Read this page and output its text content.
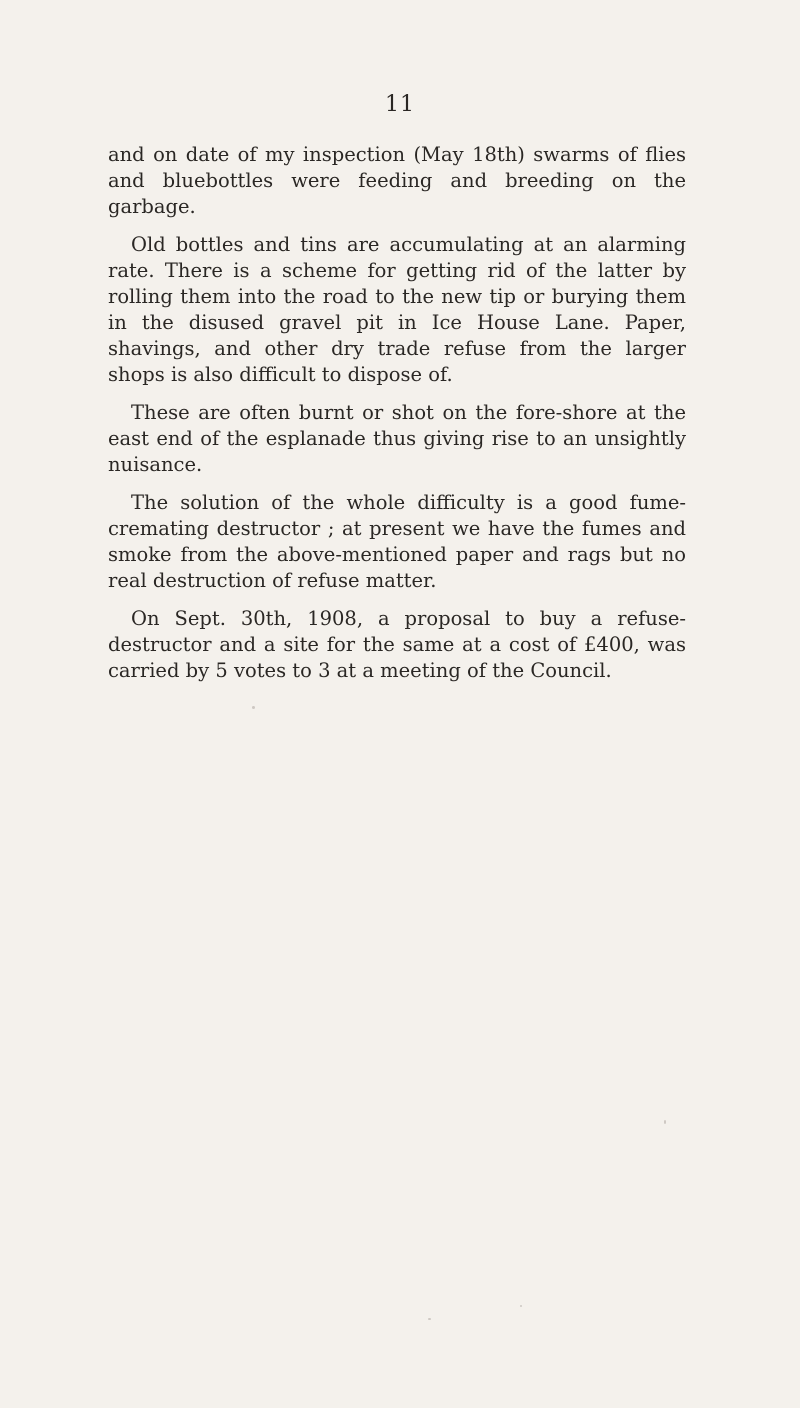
11

and on date of my inspection (May 18th) swarms of flies and bluebottles were feeding and breeding on the garbage.

Old bottles and tins are accumulating at an alarming rate. There is a scheme for getting rid of the latter by rolling them into the road to the new tip or burying them in the disused gravel pit in Ice House Lane. Paper, shavings, and other dry trade refuse from the larger shops is also difficult to dispose of.

These are often burnt or shot on the fore-shore at the east end of the esplanade thus giving rise to an unsightly nuisance.

The solution of the whole difficulty is a good fume-cremating destructor ; at present we have the fumes and smoke from the above-mentioned paper and rags but no real destruction of refuse matter.

On Sept. 30th, 1908, a proposal to buy a refuse-destructor and a site for the same at a cost of £400, was carried by 5 votes to 3 at a meeting of the Council.
